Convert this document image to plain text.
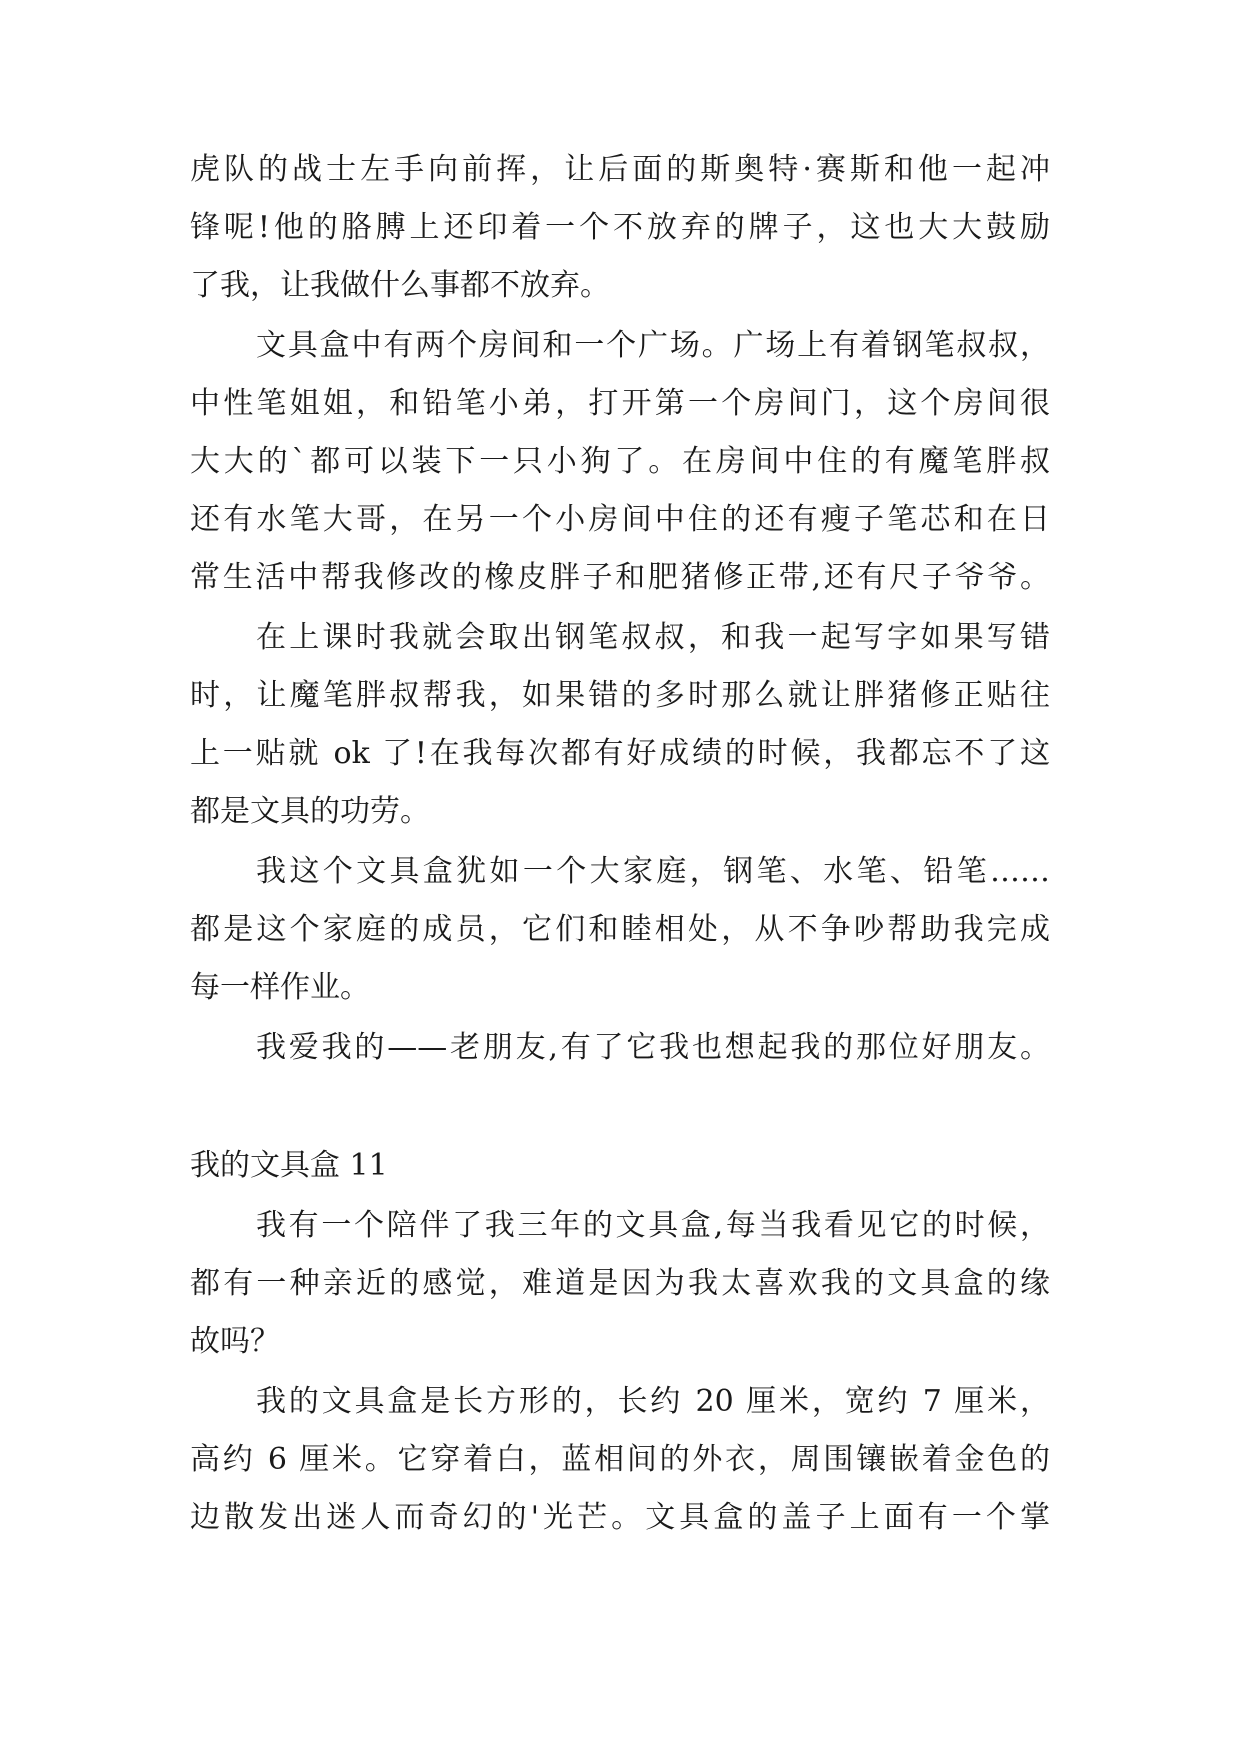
虎队的战士左手向前挥，让后面的斯奥特·赛斯和他一起冲
锋呢!他的胳膊上还印着一个不放弃的牌子，这也大大鼓励
了我，让我做什么事都不放弃。
文具盒中有两个房间和一个广场。广场上有着钢笔叔叔，
中性笔姐姐，和铅笔小弟，打开第一个房间门，这个房间很
大大的`都可以装下一只小狗了。在房间中住的有魔笔胖叔
还有水笔大哥，在另一个小房间中住的还有瘦子笔芯和在日
常生活中帮我修改的橡皮胖子和肥猪修正带,还有尺子爷爷。
在上课时我就会取出钢笔叔叔，和我一起写字如果写错
时，让魔笔胖叔帮我，如果错的多时那么就让胖猪修正贴往
上一贴就 ok 了!在我每次都有好成绩的时候，我都忘不了这
都是文具的功劳。
我这个文具盒犹如一个大家庭，钢笔、水笔、铅笔……
都是这个家庭的成员，它们和睦相处，从不争吵帮助我完成
每一样作业。
我爱我的——老朋友,有了它我也想起我的那位好朋友。
我的文具盒 11
我有一个陪伴了我三年的文具盒,每当我看见它的时候，
都有一种亲近的感觉，难道是因为我太喜欢我的文具盒的缘
故吗？
我的文具盒是长方形的，长约 20 厘米，宽约 7 厘米，
高约 6 厘米。它穿着白，蓝相间的外衣，周围镶嵌着金色的
边散发出迷人而奇幻的'光芒。文具盒的盖子上面有一个掌
